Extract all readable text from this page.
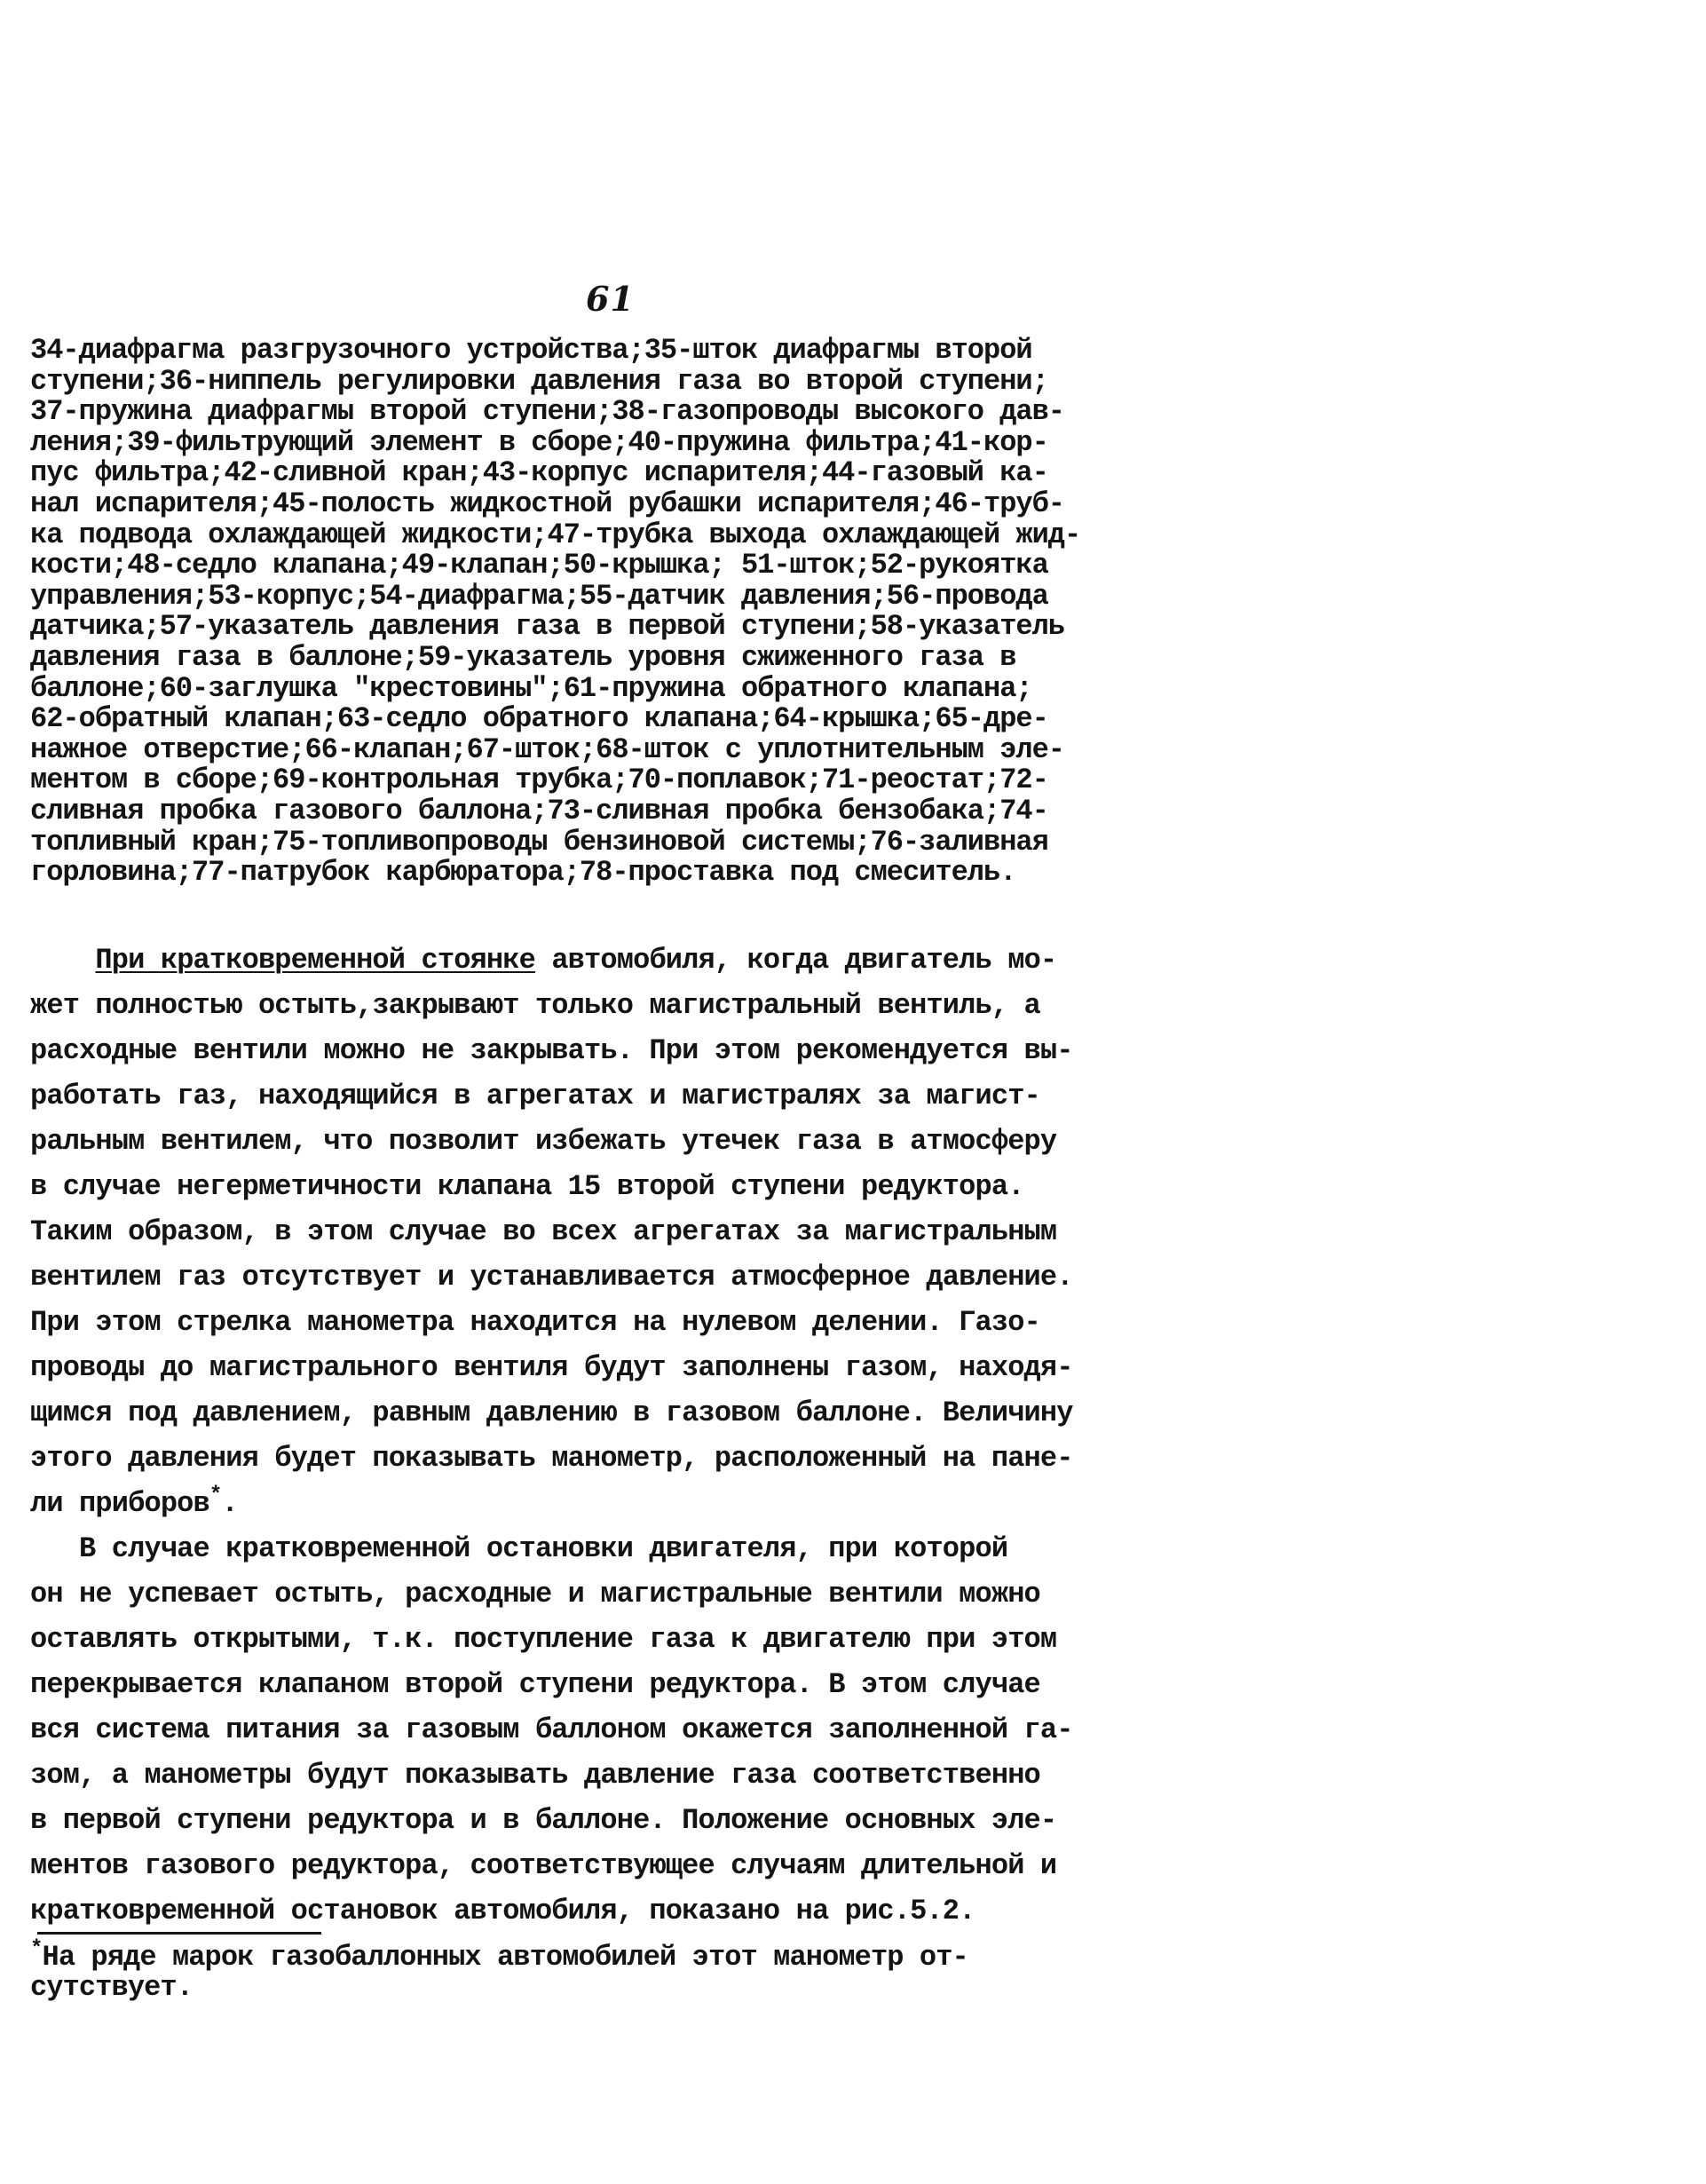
61
34-диафрагма разгрузочного устройства;35-шток диафрагмы второй
ступени;36-ниппель регулировки давления газа во второй ступени;
37-пружина диафрагмы второй ступени;38-газопроводы высокого дав-
ления;39-фильтрующий элемент в сборе;40-пружина фильтра;41-кор-
пус фильтра;42-сливной кран;43-корпус испарителя;44-газовый ка-
нал испарителя;45-полость жидкостной рубашки испарителя;46-труб-
ка подвода охлаждающей жидкости;47-трубка выхода охлаждающей жид-
кости;48-седло клапана;49-клапан;50-крышка; 51-шток;52-рукоятка
управления;53-корпус;54-диафрагма;55-датчик давления;56-провода
датчика;57-указатель давления газа в первой ступени;58-указатель
давления газа в баллоне;59-указатель уровня сжиженного газа в
баллоне;60-заглушка "крестовины";61-пружина обратного клапана;
62-обратный клапан;63-седло обратного клапана;64-крышка;65-дре-
нажное отверстие;66-клапан;67-шток;68-шток с уплотнительным эле-
ментом в сборе;69-контрольная трубка;70-поплавок;71-реостат;72-
сливная пробка газового баллона;73-сливная пробка бензобака;74-
топливный кран;75-топливопроводы бензиновой системы;76-заливная
горловина;77-патрубок карбюратора;78-проставка под смеситель.
При кратковременной стоянке автомобиля, когда двигатель мо-
жет полностью остыть,закрывают только магистральный вентиль, а
расходные вентили можно не закрывать. При этом рекомендуется вы-
работать газ, находящийся в агрегатах и магистралях за магист-
ральным вентилем, что позволит избежать утечек газа в атмосферу
в случае негерметичности клапана 15 второй ступени редуктора.
Таким образом, в этом случае во всех агрегатах за магистральным
вентилем газ отсутствует и устанавливается атмосферное давление.
При этом стрелка манометра находится на нулевом делении. Газо-
проводы до магистрального вентиля будут заполнены газом, находя-
щимся под давлением, равным давлению в газовом баллоне. Величину
этого давления будет показывать манометр, расположенный на пане-
ли приборов*.
В случае кратковременной остановки двигателя, при которой
он не успевает остыть, расходные и магистральные вентили можно
оставлять открытыми, т.к. поступление газа к двигателю при этом
перекрывается клапаном второй ступени редуктора. В этом случае
вся система питания за газовым баллоном окажется заполненной га-
зом, а манометры будут показывать давление газа соответственно
в первой ступени редуктора и в баллоне. Положение основных эле-
ментов газового редуктора, соответствующее случаям длительной и
кратковременной остановок автомобиля, показано на рис.5.2.
*На ряде марок газобаллонных автомобилей этот манометр от-
сутствует.
